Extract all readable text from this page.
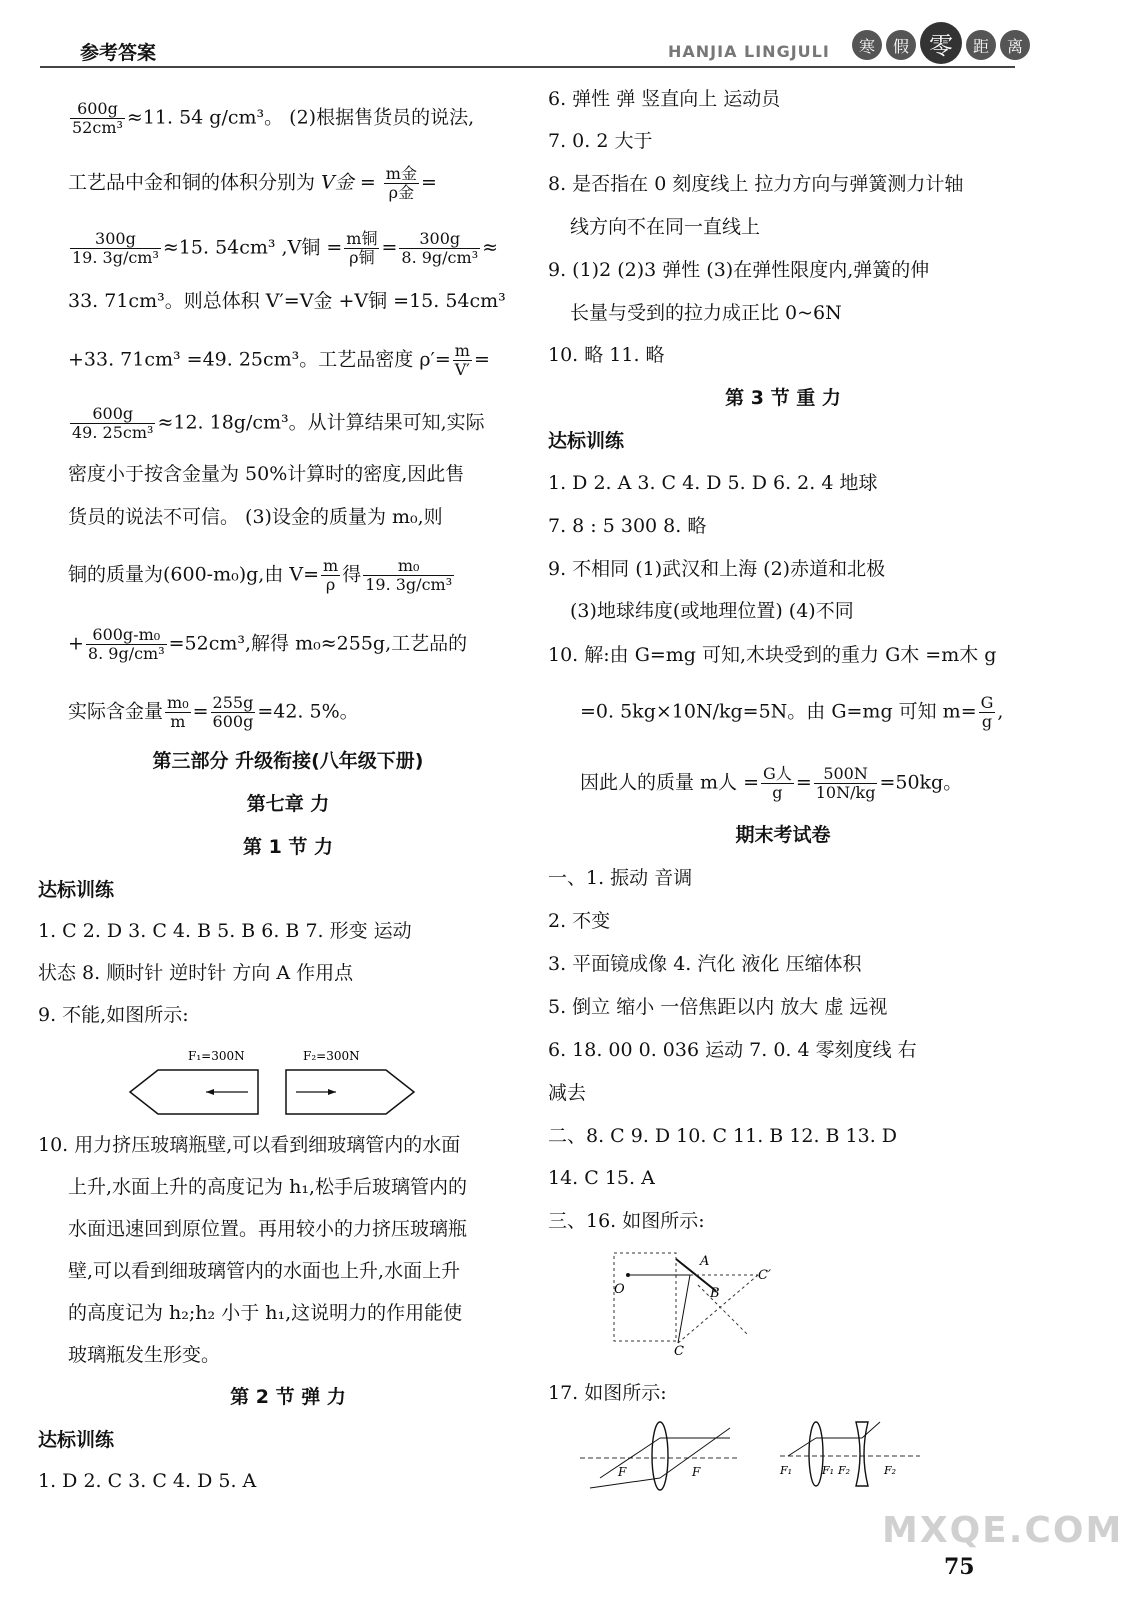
参考答案	HANJIA LINGJULI	寒	假 零	距	离
$\frac{600g}{\text{52cm³}} \approx 11$. 54 g/cm³。 (2)根据售货员的说法,
工艺品中金和铜的体积分别为 V金 = $\frac{\text{m金}}{\text{ρ金}}$ =
$\frac{300g}{\text{19. 3g/cm³}} \approx 15$. 54cm³ ,V铜 = $\frac{\text{m铜}}{\text{ρ铜}} = \frac{300g}{\text{8. 9g/cm³}}$ ≈
33. 71cm³。则总体积 V′=V金 +V铜 =15. 54cm³
+33. 71cm³ =49. 25cm³。工艺品密度 $\rho'= \frac{m}{V'}$ =
$\frac{600g}{\text{49. 25cm³}} \approx 12$. 18g/cm³。从计算结果可知,实际
密度小于按含金量为 50%计算时的密度,因此售
货员的说法不可信。 (3)设金的质量为 m₀,则
铜的质量为(600-m₀)g,由 $V= \frac{m}{\rho}$ 得 $\frac{\text{m₀}}{\text{19. 3g/cm³}}$
+ $\frac{\text{600g-m₀}}{\text{8. 9g/cm³}} =52cm^3$,解得 m₀≈255g,工艺品的
实际含金量 $\frac{\text{m₀}}{m} = \frac{255g}{600g} =42$. 5%。
第三部分 升级衔接(八年级下册)
第七章 力
第 1 节 力
达标训练
1. C 2. D 3. C 4. B 5. B 6. B 7. 形变 运动
状态 8. 顺时针 逆时针 方向 A 作用点
9. 不能,如图所示:
F₁=300N	F₂=300N
10. 用力挤压玻璃瓶壁,可以看到细玻璃管内的水面
上升,水面上升的高度记为 h₁,松手后玻璃管内的
水面迅速回到原位置。再用较小的力挤压玻璃瓶
壁,可以看到细玻璃管内的水面也上升,水面上升
的高度记为 h₂;h₂ 小于 h₁,这说明力的作用能使
玻璃瓶发生形变。
第 2 节 弹 力
达标训练
1. D 2. C 3. C 4. D 5. A
6. 弹性 弹 竖直向上 运动员
7. 0. 2 大于
8. 是否指在 0 刻度线上 拉力方向与弹簧测力计轴
线方向不在同一直线上
9. (1)2 (2)3 弹性 (3)在弹性限度内,弹簧的伸
长量与受到的拉力成正比 0~6N
10. 略 11. 略
第 3 节 重 力
达标训练
1. D 2. A 3. C 4. D 5. D 6. 2. 4 地球
7. 8 : 5 300 8. 略
9. 不相同 (1)武汉和上海 (2)赤道和北极
(3)地球纬度(或地理位置) (4)不同
10. 解:由 G=mg 可知,木块受到的重力 G木 =m木 g
=0. 5kg×10N/kg=5N。由 G=mg 可知 $m= \frac{G}{g}$ ,
因此人的质量 m人 = $\frac{\text{G人}}{g} = \frac{500N}{10N/kg} =50kg$。
期末考试卷
一、1. 振动 音调
2. 不变
3. 平面镜成像 4. 汽化 液化 压缩体积
5. 倒立 缩小 一倍焦距以内 放大 虚 远视
6. 18. 00 0. 036 运动 7. 0. 4 零刻度线 右
减去
二、8. C 9. D 10. C 11. B 12. B 13. D
14. C 15. A
三、16. 如图所示:
O
A
B
C
C′
17. 如图所示:
F	F	F₁	F₁ F₂	F₂
MXQE.COM
75
